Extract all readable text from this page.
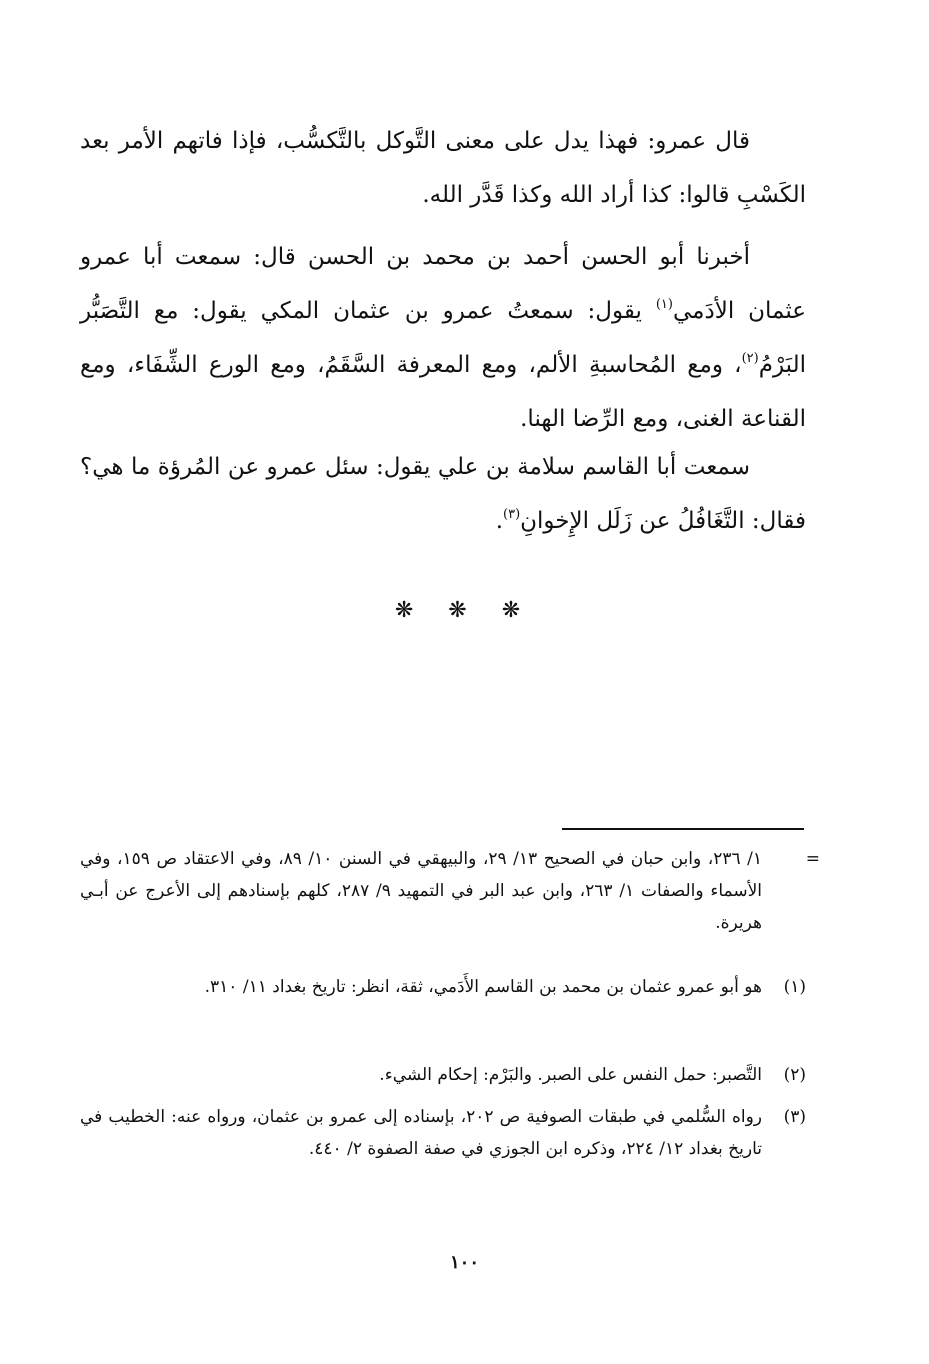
قال عمرو: فهذا يدل على معنى التَّوكل بالتَّكسُّب، فإذا فاتهم الأمر بعد الكَسْبِ قالوا: كذا أراد الله وكذا قَدَّر الله.

أخبرنا أبو الحسن أحمد بن محمد بن الحسن قال: سمعت أبا عمرو عثمان الأدَمي$^{(١)}$ يقول: سمعتُ عمرو بن عثمان المكي يقول: مع التَّصَبُّر البَرْمُ$^{(٢)}$، ومع المُحاسبةِ الألم، ومع المعرفة السَّقَمُ، ومع الورع الشِّفَاء، ومع القناعة الغنى، ومع الرِّضا الهنا.

سمعت أبا القاسم سلامة بن علي يقول: سئل عمرو عن المُرؤة ما هي؟ فقال: التَّغَافُلُ عن زَلَل الإِخوانِ$^{(٣)}$.

❋ ❋ ❋
=
١/ ٢٣٦، وابن حبان في الصحيح ١٣/ ٢٩، والبيهقي في السنن ١٠/ ٨٩، وفي الاعتقاد ص ١٥٩، وفي الأسماء والصفات ١/ ٢٦٣، وابن عبد البر في التمهيد ٩/ ٢٨٧، كلهم بإسنادهم إلى الأعرج عن أبـي هريرة.
(١)
هو أبو عمرو عثمان بن محمد بن القاسم الأَدَمي، ثقة، انظر: تاريخ بغداد ١١/ ٣١٠.
(٢)
التَّصبر: حمل النفس على الصبر. والبَرْم: إحكام الشيء.
(٣)
رواه السُّلمي في طبقات الصوفية ص ٢٠٢، بإسناده إلى عمرو بن عثمان، ورواه عنه: الخطيب في تاريخ بغداد ١٢/ ٢٢٤، وذكره ابن الجوزي في صفة الصفوة ٢/ ٤٤٠.
١٠٠
